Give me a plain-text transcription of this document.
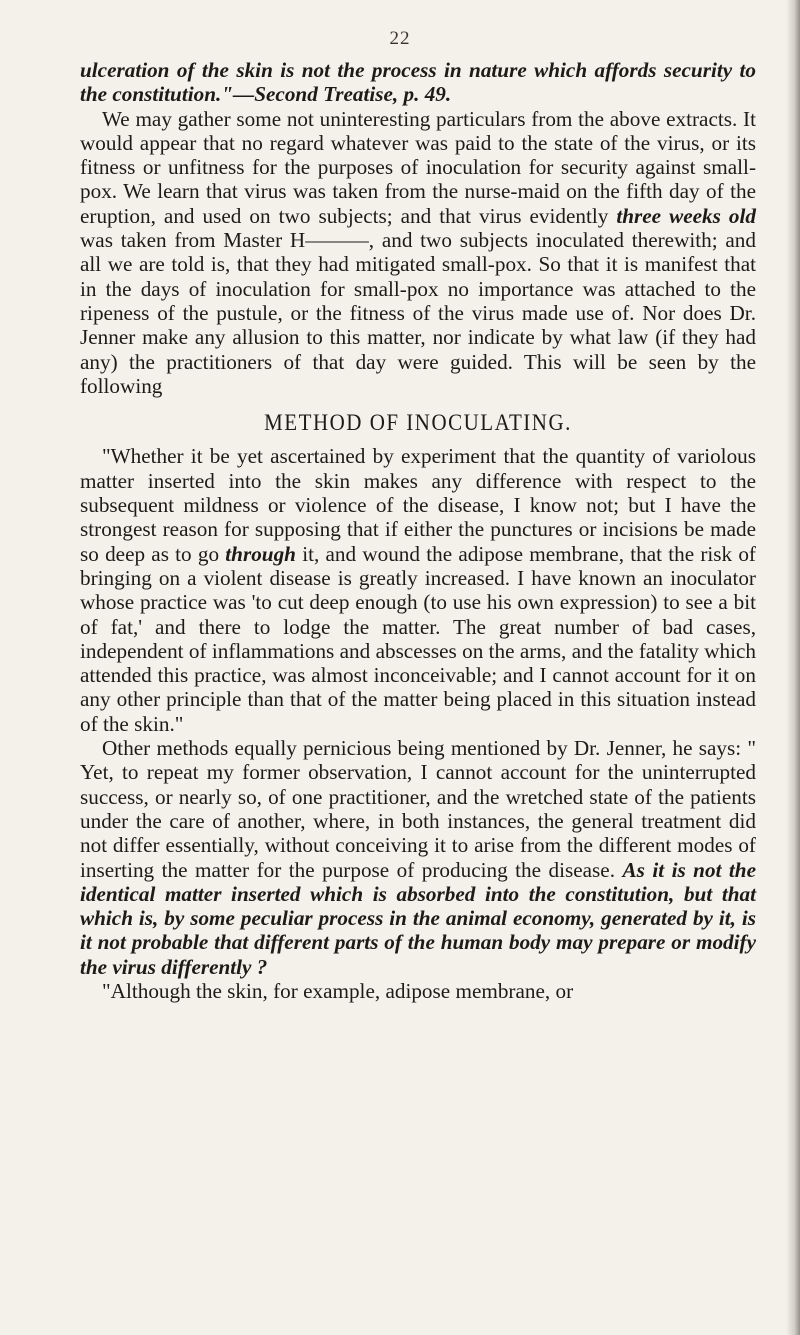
22

ulceration of the skin is not the process in nature which affords security to the constitution."—Second Treatise, p. 49.

We may gather some not uninteresting particulars from the above extracts. It would appear that no regard whatever was paid to the state of the virus, or its fitness or unfitness for the purposes of inoculation for security against small-pox. We learn that virus was taken from the nurse-maid on the fifth day of the eruption, and used on two subjects; and that virus evidently three weeks old was taken from Master H———, and two subjects inoculated therewith; and all we are told is, that they had mitigated small-pox. So that it is manifest that in the days of inoculation for small-pox no importance was attached to the ripeness of the pustule, or the fitness of the virus made use of. Nor does Dr. Jenner make any allusion to this matter, nor indicate by what law (if they had any) the practitioners of that day were guided. This will be seen by the following

METHOD OF INOCULATING.

"Whether it be yet ascertained by experiment that the quantity of variolous matter inserted into the skin makes any difference with respect to the subsequent mildness or violence of the disease, I know not; but I have the strongest reason for supposing that if either the punctures or incisions be made so deep as to go through it, and wound the adipose membrane, that the risk of bringing on a violent disease is greatly increased. I have known an inoculator whose practice was 'to cut deep enough (to use his own expression) to see a bit of fat,' and there to lodge the matter. The great number of bad cases, independent of inflammations and abscesses on the arms, and the fatality which attended this practice, was almost inconceivable; and I cannot account for it on any other principle than that of the matter being placed in this situation instead of the skin."

Other methods equally pernicious being mentioned by Dr. Jenner, he says: " Yet, to repeat my former observation, I cannot account for the uninterrupted success, or nearly so, of one practitioner, and the wretched state of the patients under the care of another, where, in both instances, the general treatment did not differ essentially, without conceiving it to arise from the different modes of inserting the matter for the purpose of producing the disease. As it is not the identical matter inserted which is absorbed into the constitution, but that which is, by some peculiar process in the animal economy, generated by it, is it not probable that different parts of the human body may prepare or modify the virus differently ?

"Although the skin, for example, adipose membrane, or
